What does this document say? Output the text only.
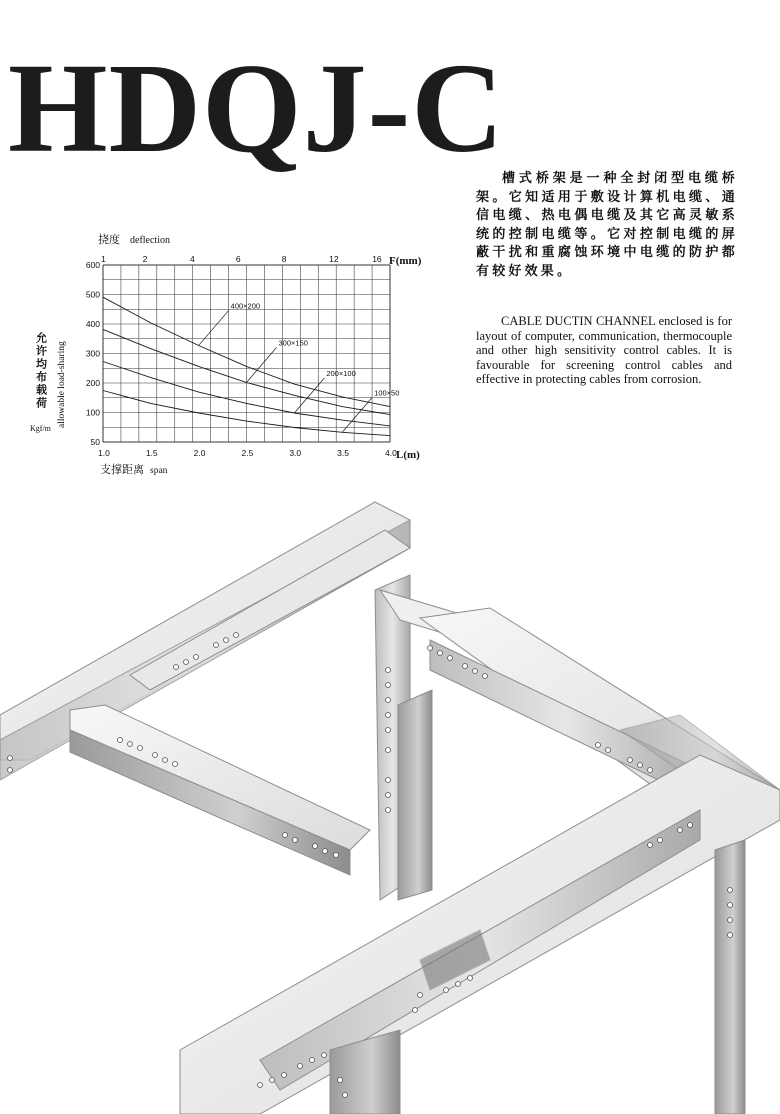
HDQJ-C
槽式桥架是一种全封闭型电缆桥架。它知适用于敷设计算机电缆、通信电缆、热电偶电缆及其它高灵敏系统的控制电缆等。它对控制电缆的屏蔽干扰和重腐蚀环境中电缆的防护都有较好效果。
CABLE DUCTIN CHANNEL enclosed is for layout of computer, communication, thermocouple and other high sensitivity control cables. It is favourable for screening control cables and effective in protecting cables from corrosion.
1.0	1.5	2.0	2.5	3.0	3.5	4.0
600
500
400
300
200
100
50
1	2	4	6	8	12	16
400×200
300×150
200×100
100×50
挠度 deflection
F(mm)
L(m)
支撑距离 span
允许均布载荷 allowable load-sharing
Kgf/m
